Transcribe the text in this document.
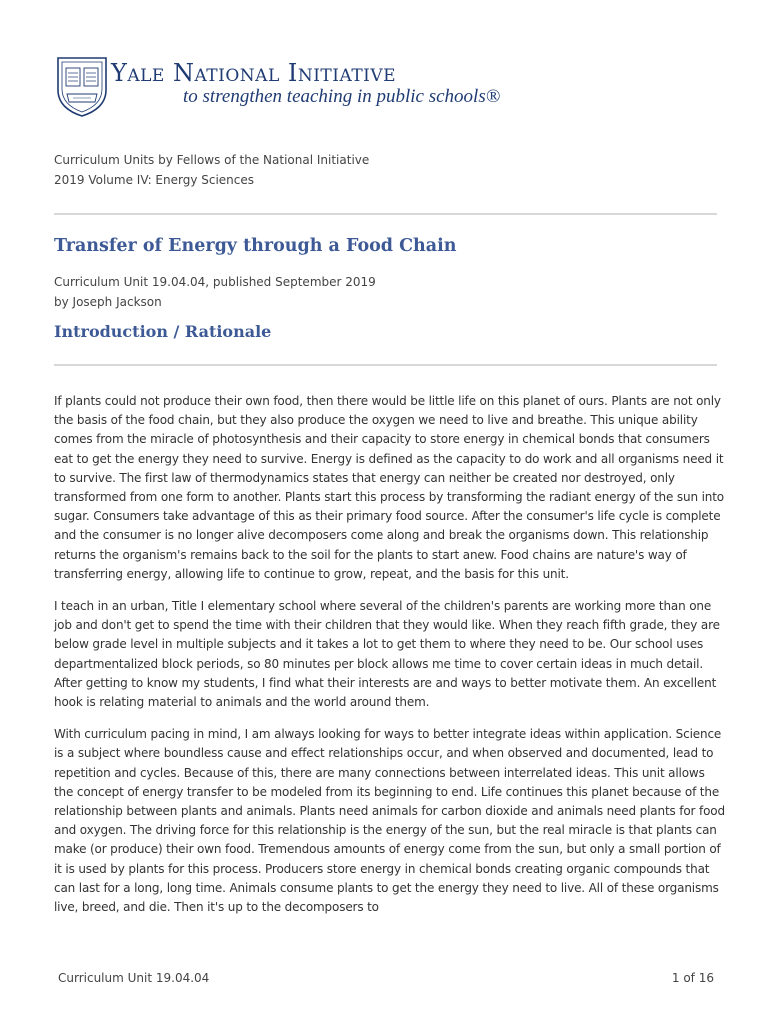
Yale National Initiative
to strengthen teaching in public schools®
Curriculum Units by Fellows of the National Initiative
2019 Volume IV: Energy Sciences
Transfer of Energy through a Food Chain
Curriculum Unit 19.04.04, published September 2019
by Joseph Jackson
Introduction / Rationale

If plants could not produce their own food, then there would be little life on this planet of ours. Plants are not only the basis of the food chain, but they also produce the oxygen we need to live and breathe. This unique ability comes from the miracle of photosynthesis and their capacity to store energy in chemical bonds that consumers eat to get the energy they need to survive. Energy is defined as the capacity to do work and all organisms need it to survive. The first law of thermodynamics states that energy can neither be created nor destroyed, only transformed from one form to another. Plants start this process by transforming the radiant energy of the sun into sugar. Consumers take advantage of this as their primary food source. After the consumer's life cycle is complete and the consumer is no longer alive decomposers come along and break the organisms down. This relationship returns the organism's remains back to the soil for the plants to start anew. Food chains are nature's way of transferring energy, allowing life to continue to grow, repeat, and the basis for this unit.

I teach in an urban, Title I elementary school where several of the children's parents are working more than one job and don't get to spend the time with their children that they would like. When they reach fifth grade, they are below grade level in multiple subjects and it takes a lot to get them to where they need to be. Our school uses departmentalized block periods, so 80 minutes per block allows me time to cover certain ideas in much detail. After getting to know my students, I find what their interests are and ways to better motivate them. An excellent hook is relating material to animals and the world around them.

With curriculum pacing in mind, I am always looking for ways to better integrate ideas within application. Science is a subject where boundless cause and effect relationships occur, and when observed and documented, lead to repetition and cycles. Because of this, there are many connections between interrelated ideas. This unit allows the concept of energy transfer to be modeled from its beginning to end. Life continues this planet because of the relationship between plants and animals. Plants need animals for carbon dioxide and animals need plants for food and oxygen. The driving force for this relationship is the energy of the sun, but the real miracle is that plants can make (or produce) their own food. Tremendous amounts of energy come from the sun, but only a small portion of it is used by plants for this process. Producers store energy in chemical bonds creating organic compounds that can last for a long, long time. Animals consume plants to get the energy they need to live. All of these organisms live, breed, and die. Then it's up to the decomposers to

Curriculum Unit 19.04.04	1 of 16
